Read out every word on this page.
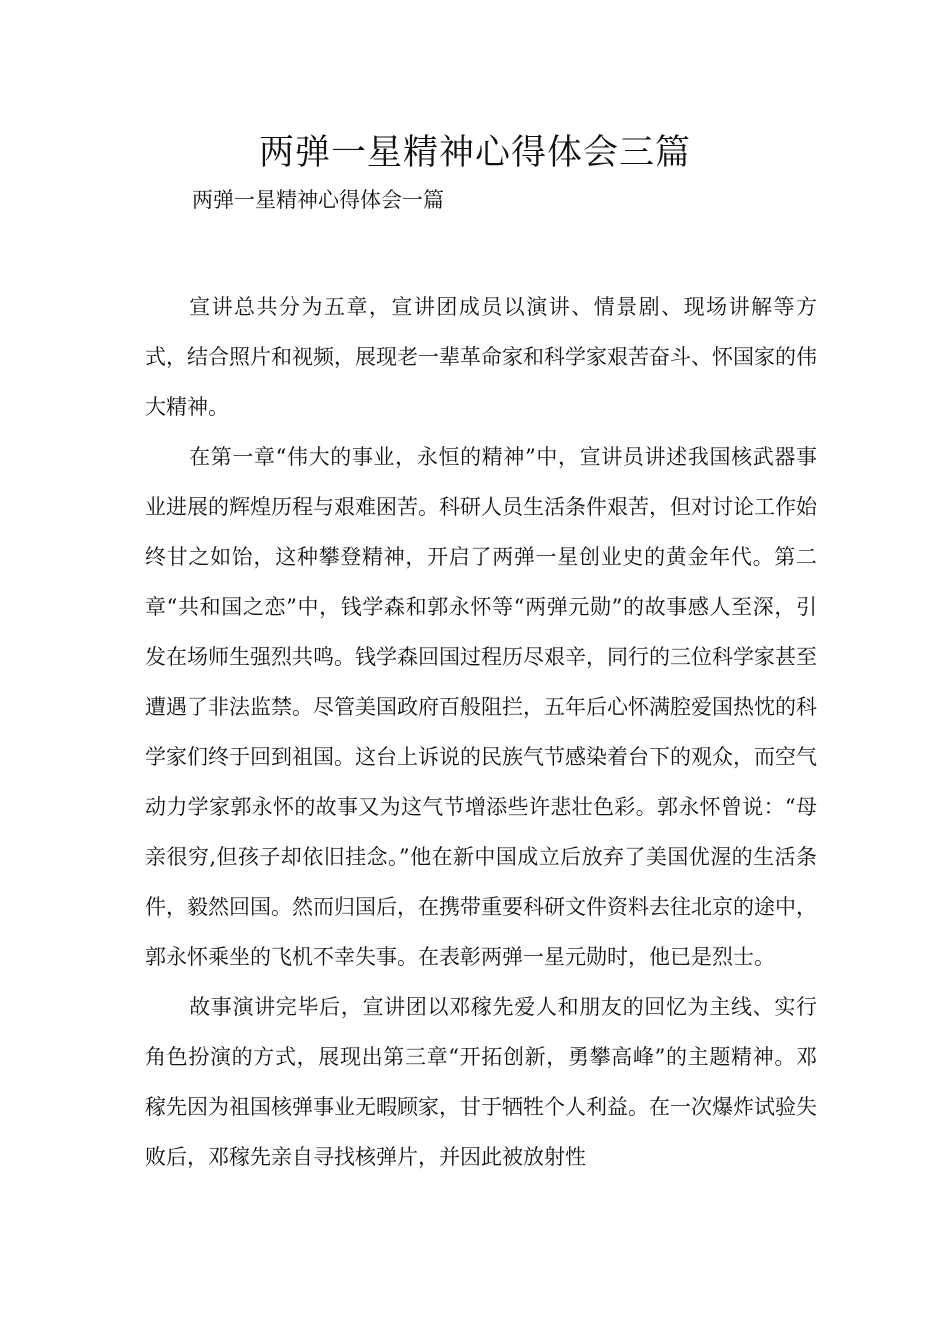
两弹一星精神心得体会三篇

两弹一星精神心得体会一篇

宣讲总共分为五章，宣讲团成员以演讲、情景剧、现场讲解等方式，结合照片和视频，展现老一辈革命家和科学家艰苦奋斗、怀国家的伟大精神。

在第一章“伟大的事业，永恒的精神”中，宣讲员讲述我国核武器事业进展的辉煌历程与艰难困苦。科研人员生活条件艰苦，但对讨论工作始终甘之如饴，这种攀登精神，开启了两弹一星创业史的黄金年代。第二章“共和国之恋”中，钱学森和郭永怀等“两弹元勋”的故事感人至深，引发在场师生强烈共鸣。钱学森回国过程历尽艰辛，同行的三位科学家甚至遭遇了非法监禁。尽管美国政府百般阻拦，五年后心怀满腔爱国热忱的科学家们终于回到祖国。这台上诉说的民族气节感染着台下的观众，而空气动力学家郭永怀的故事又为这气节增添些许悲壮色彩。郭永怀曾说：“母亲很穷,但孩子却依旧挂念。”他在新中国成立后放弃了美国优渥的生活条件，毅然回国。然而归国后，在携带重要科研文件资料去往北京的途中，郭永怀乘坐的飞机不幸失事。在表彰两弹一星元勋时，他已是烈士。

故事演讲完毕后，宣讲团以邓稼先爱人和朋友的回忆为主线、实行角色扮演的方式，展现出第三章“开拓创新，勇攀高峰”的主题精神。邓稼先因为祖国核弹事业无暇顾家，甘于牺牲个人利益。在一次爆炸试验失败后，邓稼先亲自寻找核弹片，并因此被放射性
